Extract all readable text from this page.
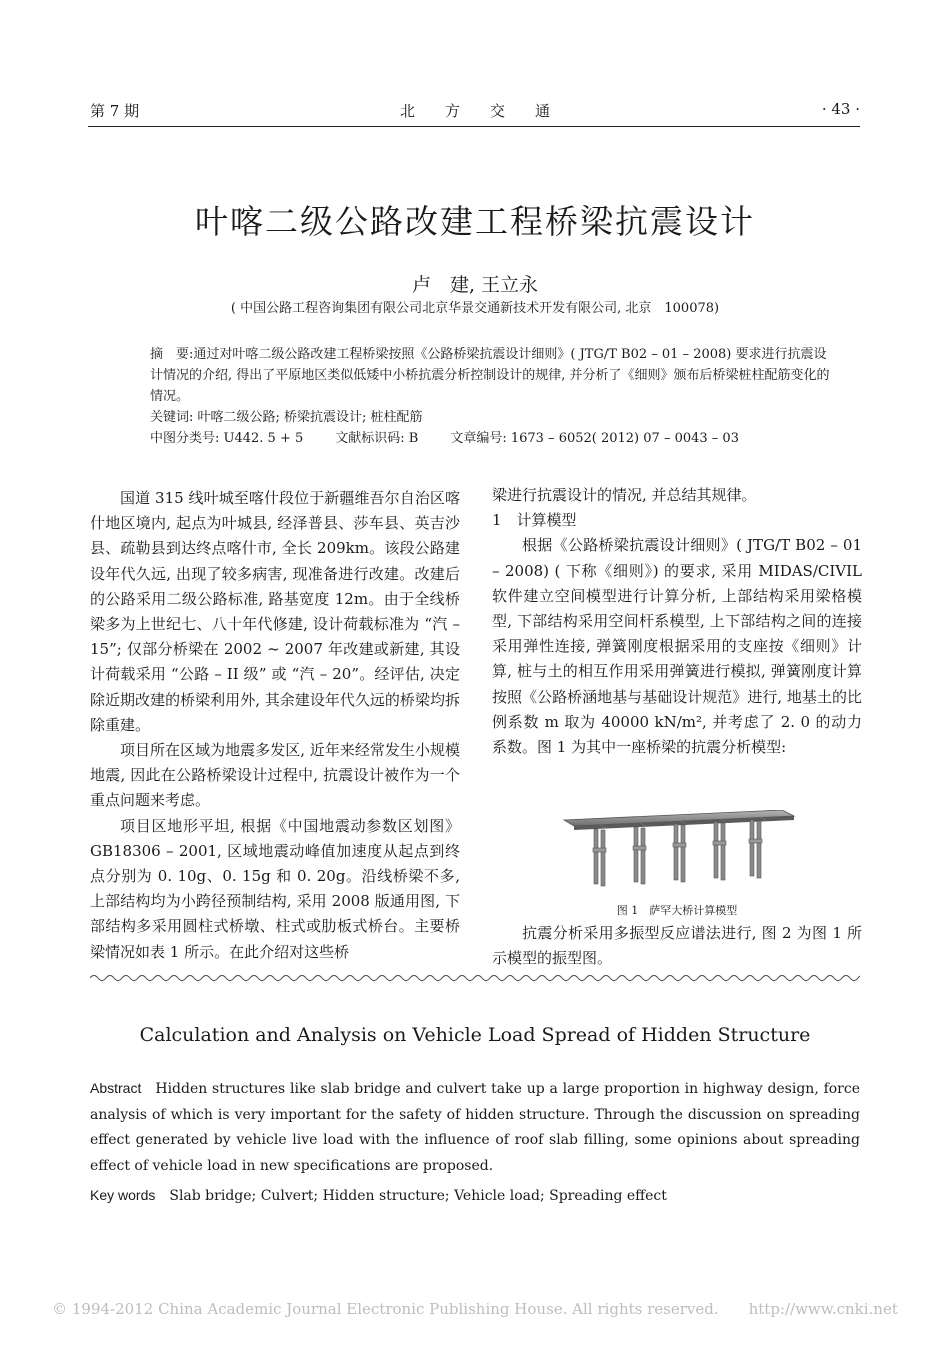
第 7 期	北　　方　　交　　通	· 43 ·
叶喀二级公路改建工程桥梁抗震设计
卢　建, 王立永
( 中国公路工程咨询集团有限公司北京华景交通新技术开发有限公司, 北京　100078)

摘　要:通过对叶喀二级公路改建工程桥梁按照《公路桥梁抗震设计细则》( JTG/T B02 – 01 – 2008) 要求进行抗震设计情况的介绍, 得出了平原地区类似低矮中小桥抗震分析控制设计的规律, 并分析了《细则》颁布后桥梁桩柱配筋变化的情况。

关键词: 叶喀二级公路; 桥梁抗震设计; 桩柱配筋

中图分类号: U442. 5 + 5 文献标识码: B 文章编号: 1673 – 6052( 2012) 07 – 0043 – 03

国道 315 线叶城至喀什段位于新疆维吾尔自治区喀什地区境内, 起点为叶城县, 经泽普县、莎车县、英吉沙县、疏勒县到达终点喀什市, 全长 209km。该段公路建设年代久远, 出现了较多病害, 现准备进行改建。改建后的公路采用二级公路标准, 路基宽度 12m。由于全线桥梁多为上世纪七、八十年代修建, 设计荷载标准为 “汽 – 15”; 仅部分桥梁在 2002 ~ 2007 年改建或新建, 其设计荷载采用 “公路 – II 级” 或 “汽 – 20”。经评估, 决定除近期改建的桥梁利用外, 其余建设年代久远的桥梁均拆除重建。

项目所在区域为地震多发区, 近年来经常发生小规模地震, 因此在公路桥梁设计过程中, 抗震设计被作为一个重点问题来考虑。

项目区地形平坦, 根据《中国地震动参数区划图》GB18306 – 2001, 区域地震动峰值加速度从起点到终点分别为 0. 10g、0. 15g 和 0. 20g。沿线桥梁不多, 上部结构均为小跨径预制结构, 采用 2008 版通用图, 下部结构多采用圆柱式桥墩、柱式或肋板式桥台。主要桥梁情况如表 1 所示。在此介绍对这些桥

梁进行抗震设计的情况, 并总结其规律。

1　计算模型

根据《公路桥梁抗震设计细则》( JTG/T B02 – 01 – 2008) ( 下称《细则》) 的要求, 采用 MIDAS/CIVIL软件建立空间模型进行计算分析, 上部结构采用梁格模型, 下部结构采用空间杆系模型, 上下部结构之间的连接采用弹性连接, 弹簧刚度根据采用的支座按《细则》计算, 桩与土的相互作用采用弹簧进行模拟, 弹簧刚度计算按照《公路桥涵地基与基础设计规范》进行, 地基土的比例系数 m 取为 40000 kN/m², 并考虑了 2. 0 的动力系数。图 1 为其中一座桥梁的抗震分析模型:

图 1　萨罕大桥计算模型

抗震分析采用多振型反应谱法进行, 图 2 为图 1 所示模型的振型图。

Calculation and Analysis on Vehicle Load Spread of Hidden Structure

Abstract Hidden structures like slab bridge and culvert take up a large proportion in highway design, force analysis of which is very important for the safety of hidden structure. Through the discussion on spreading effect generated by vehicle live load with the influence of roof slab filling, some opinions about spreading effect of vehicle load in new specifications are proposed.

Key words Slab bridge; Culvert; Hidden structure; Vehicle load; Spreading effect

© 1994-2012 China Academic Journal Electronic Publishing House. All rights reserved.　　http://www.cnki.net
